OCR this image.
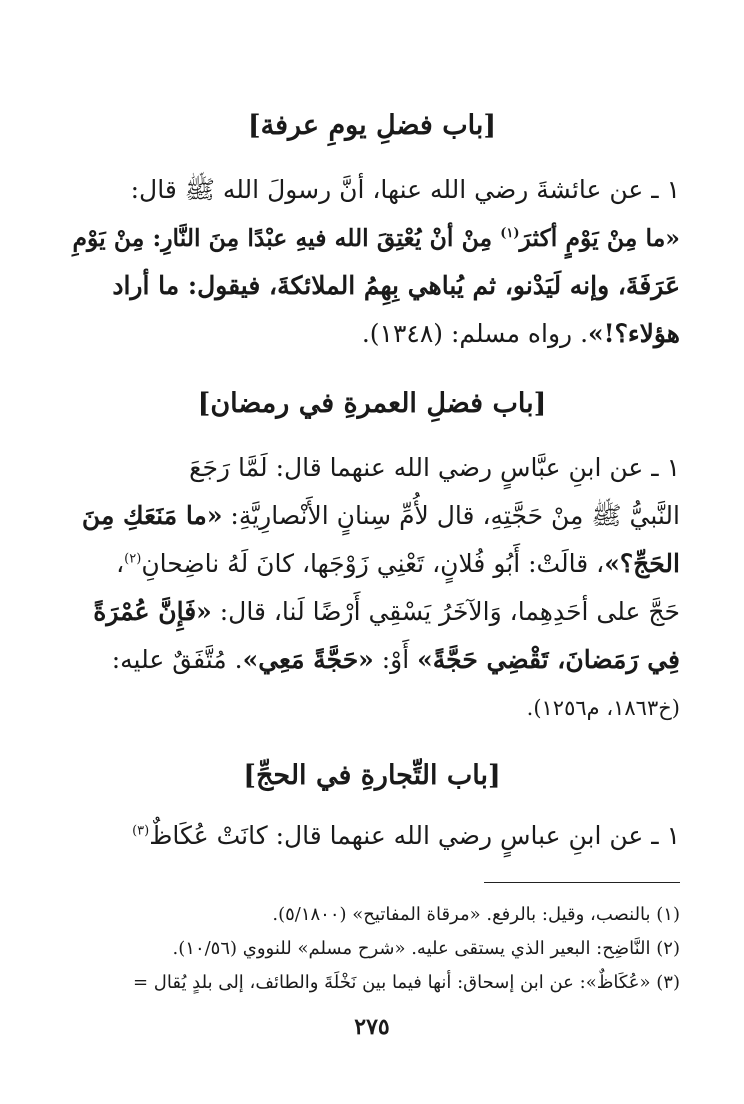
[باب فضلِ يومِ عرفة]
١ ـ عن عائشةَ رضي الله عنها، أنَّ رسولَ الله ﷺ قال:
«ما مِنْ يَوْمٍ أكثرَ$^{(١)}$ مِنْ أنْ يُعْتِقَ الله فيهِ عبْدًا مِنَ النَّارِ: مِنْ يَوْمِ
عَرَفَةَ، وإنه لَيَدْنو، ثم يُباهي بِهِمُ الملائكةَ، فيقول: ما أراد
هؤلاء؟!». رواه مسلم: (١٣٤٨).
[باب فضلِ العمرةِ في رمضان]
١ ـ عن ابنِ عبَّاسٍ رضي الله عنهما قال: لَمَّا رَجَعَ
النَّبيُّ ﷺ مِنْ حَجَّتِهِ، قال لأُمِّ سِنانٍ الأَنْصارِيَّةِ: «ما مَنَعَكِ مِنَ
الحَجِّ؟»، قالَتْ: أَبُو فُلانٍ، تَعْنِي زَوْجَها، كانَ لَهُ ناضِحانِ$^{(٢)}$،
حَجَّ على أحَدِهِما، وَالآخَرُ يَسْقِي أَرْضًا لَنا، قال: «فَإِنَّ عُمْرَةً
فِي رَمَضانَ، تَقْضِي حَجَّةً» أَوْ: «حَجَّةً مَعِي». مُتَّفَقٌ عليه:
(خ١٨٦٣، م١٢٥٦).
[باب التِّجارةِ في الحجِّ]
١ ـ عن ابنِ عباسٍ رضي الله عنهما قال: كانَتْ عُكَاظٌ$^{(٣)}$
(١) بالنصب، وقيل: بالرفع. «مرقاة المفاتيح» (٥/١٨٠٠).
(٢) النَّاضِح: البعير الذي يستقى عليه. «شرح مسلم» للنووي (١٠/٥٦).
(٣) «عُكَاظٌ»: عن ابن إسحاق: أنها فيما بين نَخْلَةَ والطائف، إلى بلدٍ يُقال =
٢٧٥
